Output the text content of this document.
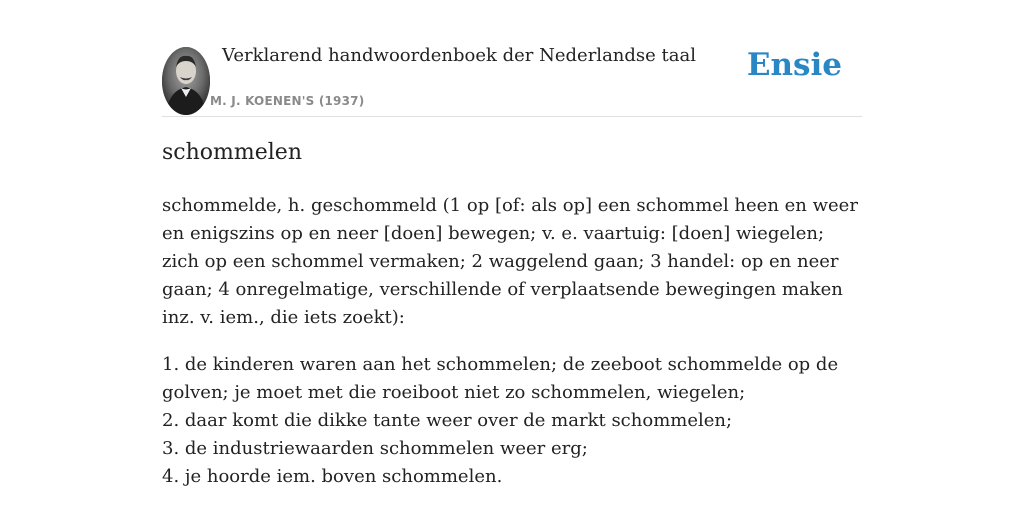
Verklarend handwoordenboek der Nederlandse taal
M. J. KOENEN'S (1937)
Ensie
schommelen

schommelde, h. geschommeld (1 op [of: als op] een schommel heen en weer en enigszins op en neer [doen] bewegen; v. e. vaartuig: [doen] wiegelen; zich op een schommel vermaken; 2 waggelend gaan; 3 handel: op en neer gaan; 4 onregelmatige, verschillende of verplaatsende bewegingen maken inz. v. iem., die iets zoekt):

1. de kinderen waren aan het schommelen; de zeeboot schommelde op de golven; je moet met die roeiboot niet zo schommelen, wiegelen;
2. daar komt die dikke tante weer over de markt schommelen;
3. de industriewaarden schommelen weer erg;
4. je hoorde iem. boven schommelen.
